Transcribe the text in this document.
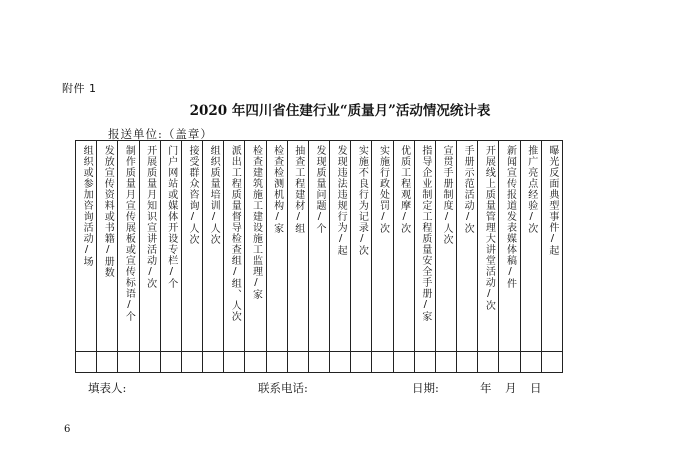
附件 1
2020 年四川省住建行业“质量月”活动情况统计表
报送单位:（盖章）
组织或参加咨询活动/场	发放宣传资料或书籍/册数	制作质量月宣传展板或宣传标语/个	开展质量月知识宣讲活动/次	门户网站或媒体开设专栏/个	接受群众咨询/人次	组织质量培训/人次	派出工程质量督导检查组/组、人次	检查建筑施工建设施工监理/家	检查检测机构/家	抽查工程建材/组	发现质量问题/个	发现违法违规行为/起	实施不良行为记录/次	实施行政处罚/次	优质工程观摩/次	指导企业制定工程质量安全手册/家	宣贯手册制度/人次	手册示范活动/次	开展线上质量管理大讲堂活动/次	新闻宣传报道发表媒体稿/件	推广亮点经验/次	曝光反面典型事件/起

填表人:	联系电话:	日期:	年 月 日
6
